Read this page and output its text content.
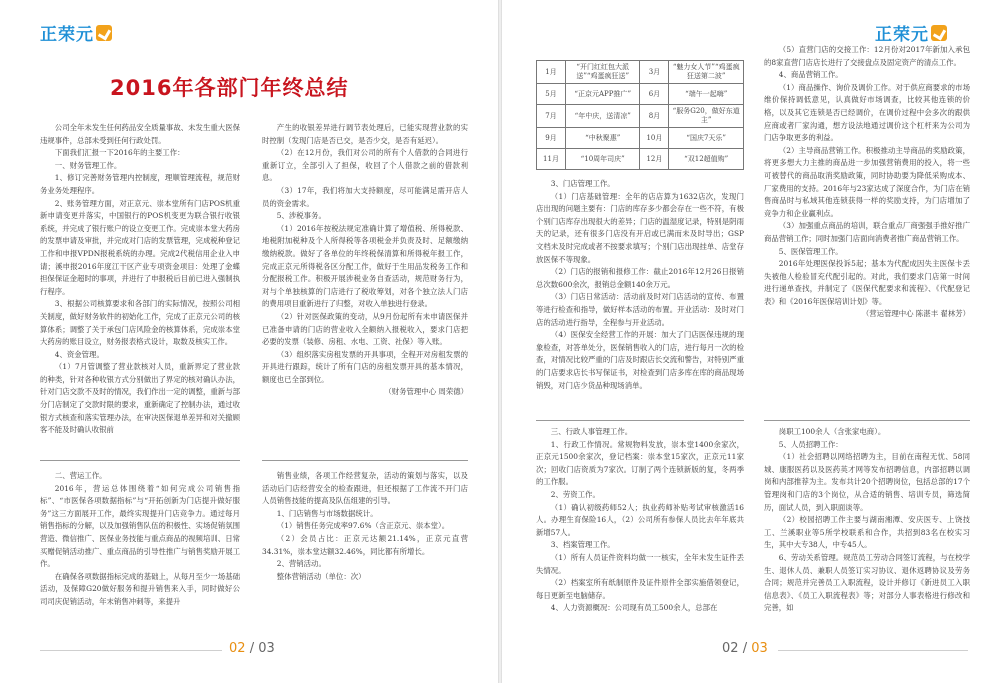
正荣元
2016年各部门年终总结

公司全年未发生任何药品安全质量事故、未发生重大医保违规事件，总部未受到任何行政处罚。

下面我们汇报一下2016年的主要工作：

一、财务管理工作。

1、修订完善财务管理内控制度，理顺管理流程，规范财务业务处理程序。

2、账务管理方面，对正京元、崇本堂所有门店POS机重新申请变更并落实，中国银行的POS机变更为联合银行收银系统，并完成了银行账户的设立变更工作。完成崇本堂大药房的发票申请及审批，并完成对门店的发票管理，完成税种登记工作和申报VPDN报税系统的办理。完成2代税信用企业入申请；溪申报2016年度江干区产业专项资金项目：处理了金蝶担保保证金超时的事项，并进行了申报税后目前已进入强制执行程序。

3、根据公司核算要求和各部门的实际情况，按照公司相关制度，做好财务软件的初始化工作，完成了正京元公司的核算体系；调整了关于承包门店风险金的核算体系，完成崇本堂大药房的账目设立，财务报表格式设计，取数及核实工作。

4、资金管理。

（1）7月管调整了营业款核对人员，重新界定了营业款的种类，针对各种收银方式分别做出了界定的核对确认办法，针对门店交款不及时的情况，我们作出一定的调整，重新与部分门店制定了交款时限的要求，重新确定了控制办法，通过收银方式核查和落实管理办法，在审决医保退单差异和对关撤顾客不能及时确认收银前

产生的收银差异进行调节表处理后，已能实现营业款的实时控制（发现门店是否已交，是否少交，是否有延迟）。

（2）在12月份，我们对公司的所有个人借款的合同进行重新订立，全部引入了担保，收回了个人借款之前的借款利息。

（3）17年，我们将加大支持额度，尽可能满足需开店人员的资金需求。

5、涉税事务。

（1）2016年按税法规定准确计算了增值税、所得税款、地税附加税种及个人所得税等各项税金并负责及时、足额缴纳缴纳税款。做好了各单位的年终税保清算和所得税年报工作，完成正京元所得税各区分配工作，做好于生用品发税务工作和分配报税工作。积极开展涉税业务自查活动，规范财务行为，对与个单独核算的门店进行了税收筹划，对各个独立法人门店的费用项目重新进行了归整，对收入单独进行登录。

（2）针对医保政策的变动，从9月份起所有未申请医保并已准备申请的门店的营业收入全额纳入报税收入，要求门店把必要的发票（装修、房租、水电、工资、社保）等入账。

（3）组织落实房租发票的开具事项，全程开对房租发票的开具进行跟踪，统计了所有门店的房租发票开具的基本情况，额度也已全部到位。

（财务管理中心 周荣德）

二、营运工作。

2016年，营运总体围绕着“如何完成公司销售指标”、“市医保各项数据指标”与“开拓创新为门店提升做好服务”这三方面展开工作，最终实现提升门店竞争力。通过每月销售指标的分解，以及加强销售队伍的积极性、实场促销氛围营造、微信推广、医保业务技能与重点商品的视频培训、日常买赠促销活动推广、重点商品的引导性推广与销售奖励开展工作。

在确保各项数据指标完成的基础上，从每月至少一场基础活动，及保障G20做好服务和提升销售来入手，同时做好公司司庆促销活动，年末销售冲刺等，来提升

销售业绩，各项工作经营复杂，活动的策划与落实，以及活动后门店经营安全的检查跟进，但还根据了工作流不开门店人员销售技能的提高及队伍组建的引导。

1、门店销售与市场数据统计。

（1）销售任务完成率97.6%（含正京元、崇本堂）。

（2）会员占比：正京元达额21.14%，正京元直营34.31%，崇本堂达额32.46%，同比都有所增长。

2、营销活动。

整体营销活动（单位：次）

02 / 03
正荣元
1月	“开门红红包大派送”“鸡蛋疯狂送”	3月	“魅力女人节”“鸡蛋疯狂送第二波”
5月	“正京元APP推广”	6月	“端午一起嗨”
7月	“年中庆，送清凉”	8月	“服务G20，做好东道主”
9月	“中秋聚惠”	10月	“国庆7天乐”
11月	“10周年司庆”	12月	“双12超值购”

3、门店管理工作。

（1）门店基础管理：全年的店店算为1632店次，发现门店出现的问题主要有：门店的库存多少都会存在一些不符，有极个别门店库存出现很大的差异；门店的温湿度记录，特别是阴雨天的记录，还有很多门店没有开启或已满而未及时导出；GSP文档未及时完成或者不按要求填写；个别门店出现挂单、店堂存放医保不等现象。

（2）门店的报销和报修工作：截止2016年12月26日报销总次数600余次，报销总金额140余万元。

（3）门店日常活动：活动前及时对门店活动的宣传、布置等进行检查和指导，做好样本活动的布置。开业活动：及时对门店的活动进行指导，全程参与开业活动。

（4）医保安全经营工作的开展：加大了门店医保违规的现象检查，对答单处分，医保销售收入的门店，进行每月一次的检查，对情况比较严重的门店及时跟店长交流和警告，对特别严重的门店要求店长书写保证书，对检查到门店多库在库的商品现场销毁，对门店少货品种现场消单。

（5）直营门店的交接工作：12月份对2017年新加入承包的8家直营门店店长进行了交接盘点及固定资产的清点工作。

4、商品营销工作。

（1）商品操作、询价及调价工作。对于供应商要求的市场维价保持调低意见，认真做好市场调查，比较其他连锁的价格，以及其它连锁是否已经调价，在调价过程中会多次的跟供应商或者厂家沟通，想方设法地通过调价这个杠杆来为公司为门店争取更多的利益。

（2）主导商品营销工作。积极推动主导商品的奖励政策，将更多想大力主推的商品进一步加强营销费用的投入，将一些可被替代的商品取消奖励政策，同时协助要为降低采购成本、厂家费用的支持。2016年与23家达成了深度合作，为门店在销售商品时与私域其他连锁获得一样的奖励支持，为门店增加了竞争力和企业赢利点。

（3）加强重点商品的培训，联合重点厂商强强手推好推广商品营销工作；同时加强门店面向消费者推广商品营销工作。

5、医保管理工作。

2016年处理医保投诉5起；基本为代配成因失主医保卡丢失被他人检验冒充代配引起的。对此，我们要求门店第一时间进行递单查找，并制定了《医保代配要求和流程》、《代配登记表》和《2016年医保培训计划》等。

（营运管理中心 陈湛丰 翟林芳）

三、行政人事管理工作。

1、行政工作情况。常规物料发放，崇本堂1400余家次，正京元1500余家次，登记档案：崇本堂15家次，正京元11家次；回收门店资质为7家次。订制了两个连锁新版的复，冬两季的工作服。

2、劳资工作。

（1）确认初级药师52人；执业药师补贴考试审核激活16人。办理生育保险16人，（2）公司所有参保人员比去年年底共新增57人。

3、档案管理工作。

（1）所有人员证件资料均做一一核实，全年未发生证件丢失情况。

（2）档案室所有纸制原件及证件原件全部实施借领登记，每日更新至电脑储存。

4、人力资源概况：公司现有员工500余人，总部在

岗职工100余人（含张家电商）。

5、人员招聘工作：

（1）社会招聘以网络招聘为主，目前在南程无忧、58同城、康服医药以及医药英才网等发布招聘信息，内部招聘以调岗和内部推荐为主。发布共计20个招聘岗位，包括总部的17个管理岗和门店的3个岗位，从合适的销售、培训专员，筛选简历，面试人员，到入职面谈等。

（2）校园招聘工作主要与湖南湘潭、安庆医专、上饶技工、兰溪职业等5所学校联系和合作，共招到83名在校实习生，其中大专38人，中专45人。

6、劳动关系管理。规范员工劳动合同签订流程，与在校学生、退休人员、兼职人员签订实习协议、退休返聘协议及劳务合同；规范并完善员工入职流程，设计并修订《新进员工入职信息表》、《员工入职流程表》等；对部分人事表格进行修改和完善，如

02 / 03
